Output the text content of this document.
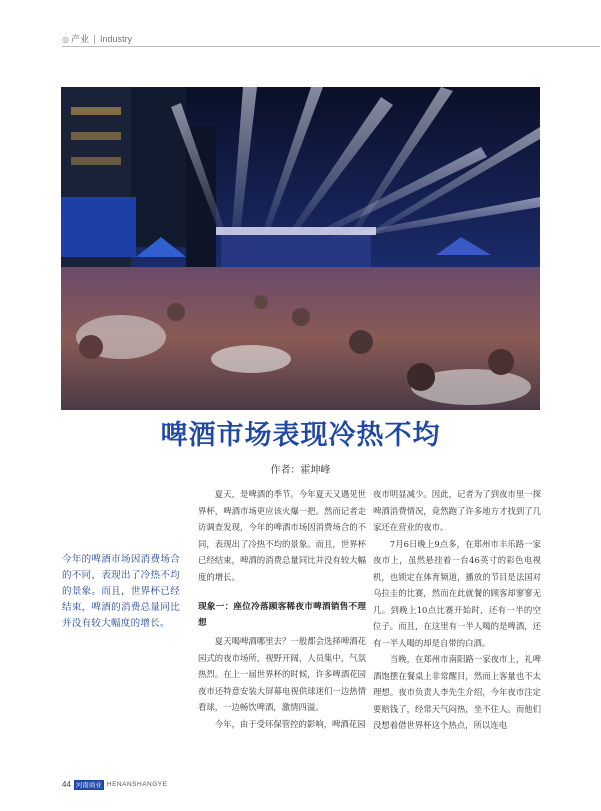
◎ 产业 | Industry
啤酒市场表现冷热不均
作者：霍坤峰
今年的啤酒市场因消费场合的不同，表现出了冷热不均的景象。而且，世界杯已经结束，啤酒的消费总量同比并没有较大幅度的增长。

夏天，是啤酒的季节。今年夏天又遇见世界杯，啤酒市场更应该火爆一把。然而记者走访调查发现，今年的啤酒市场因消费场合的不同，表现出了冷热不均的景象。而且，世界杯已经结束，啤酒的消费总量同比并没有较大幅度的增长。

现象一：座位冷落顾客稀夜市啤酒销售不理想

夏天喝啤酒哪里去？一般都会选择啤酒花园式的夜市场所，视野开阔，人员集中，气氛热烈。在上一届世界杯的时候，许多啤酒花园夜市还特意安装大屏幕电视供球迷们一边热情看球，一边畅饮啤酒，激情四溢。

今年，由于受环保管控的影响，啤酒花园

夜市明显减少。因此，记者为了到夜市里一探啤酒消费情况，竟然跑了许多地方才找到了几家还在营业的夜市。

7月6日晚上9点多，在郑州市丰乐路一家夜市上，虽然悬挂着一台46英寸的彩色电视机，也锁定在体育频道，播放的节目是法国对乌拉圭的比赛，然而在此就餐的顾客却寥寥无几。到晚上10点比赛开始时，还有一半的空位子。而且，在这里有一半人喝的是啤酒，还有一半人喝的却是自带的白酒。

当晚，在郑州市南阳路一家夜市上，礼啤酒饱摆在餐桌上非常醒目，然而上客量也不太理想。夜市负责人李先生介绍，今年夜市注定要赔钱了，经常天气闷热，坐不住人。而他们没想着借世界杯这个热点，所以连电

44 河南商业 HENANSHANGYE
